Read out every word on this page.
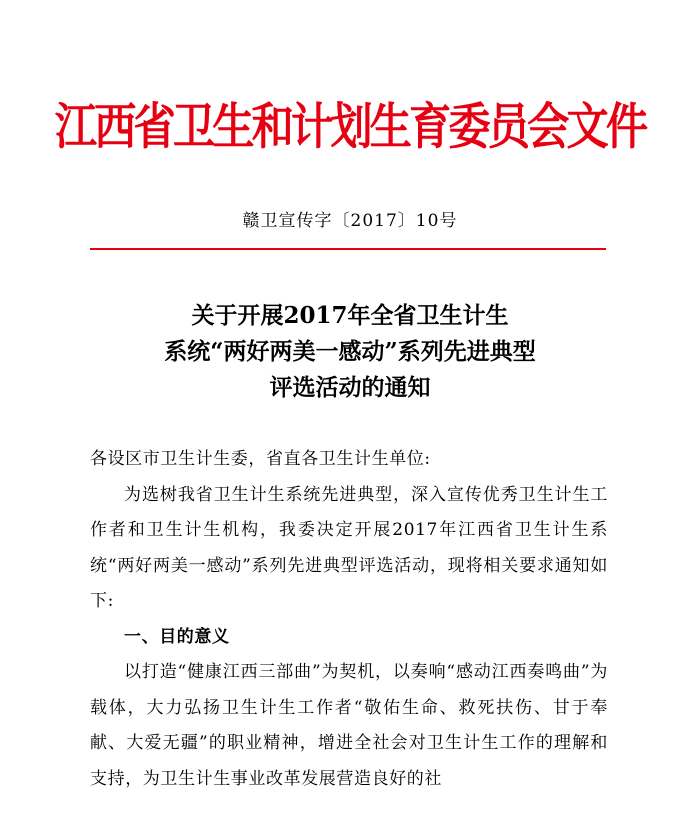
江西省卫生和计划生育委员会文件
赣卫宣传字〔2017〕10号
关于开展2017年全省卫生计生
系统“两好两美一感动”系列先进典型
评选活动的通知

各设区市卫生计生委，省直各卫生计生单位:

为选树我省卫生计生系统先进典型，深入宣传优秀卫生计生工作者和卫生计生机构，我委决定开展2017年江西省卫生计生系统“两好两美一感动”系列先进典型评选活动，现将相关要求通知如下:

一、目的意义

以打造“健康江西三部曲”为契机，以奏响“感动江西奏鸣曲”为载体，大力弘扬卫生计生工作者“敬佑生命、救死扶伤、甘于奉献、大爱无疆”的职业精神，增进全社会对卫生计生工作的理解和支持，为卫生计生事业改革发展营造良好的社
